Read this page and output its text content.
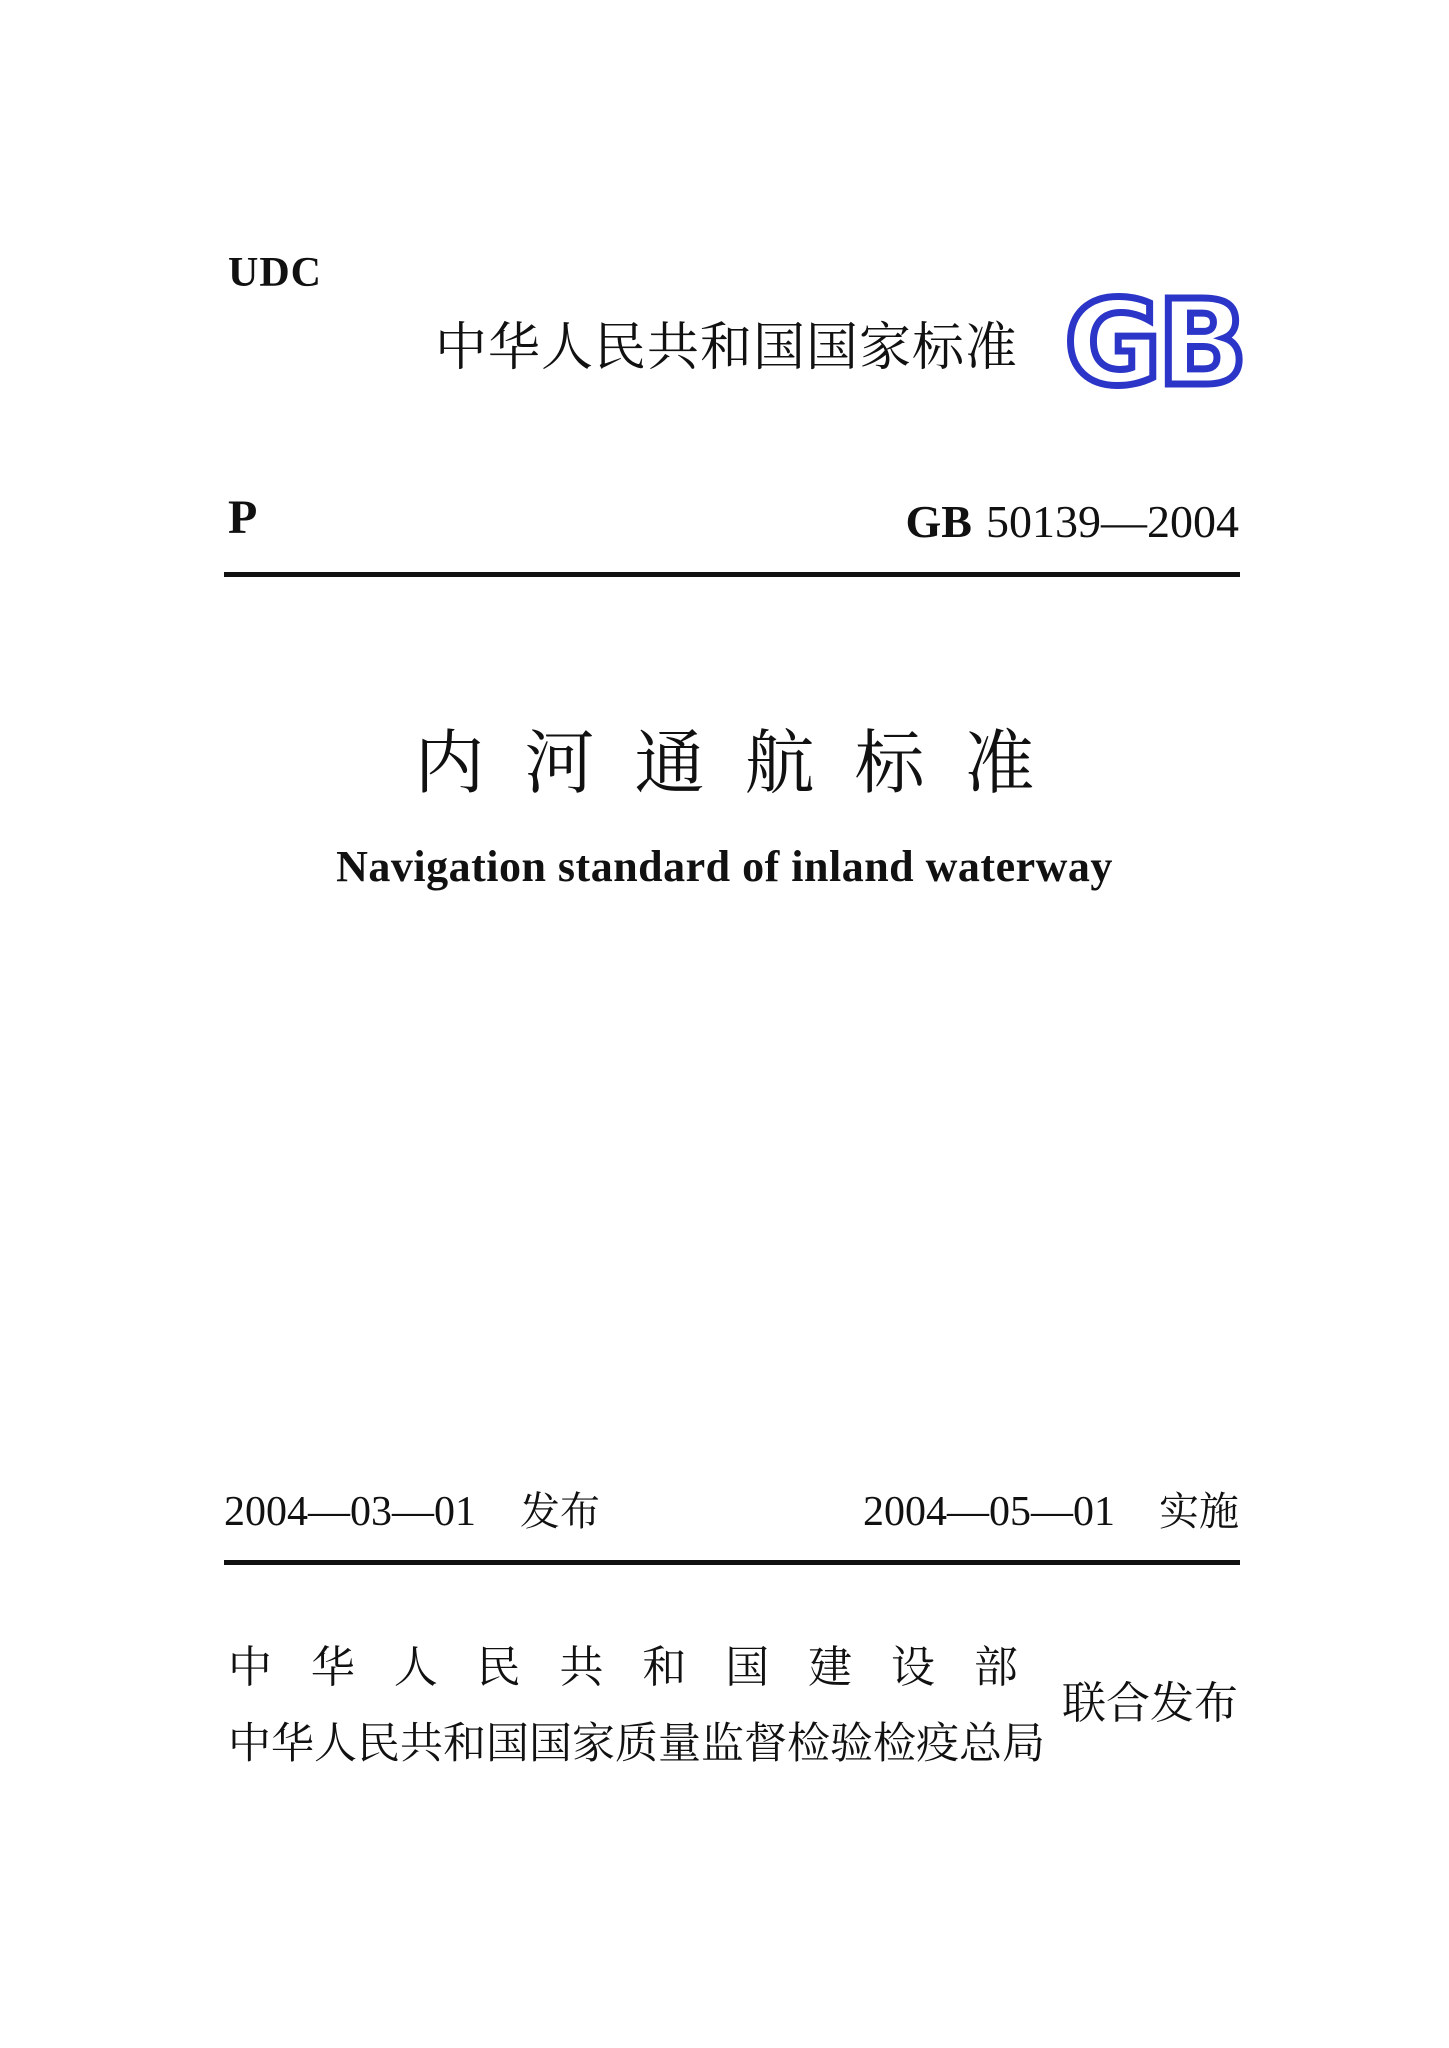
UDC
中华人民共和国国家标准 GB
P	GB 50139—2004
内河通航标准
Navigation standard of inland waterway
2004—03—01 发布	2004—05—01 实施
中 华 人 民 共 和 国 建 设 部
中华人民共和国国家质量监督检验检疫总局
联合发布
